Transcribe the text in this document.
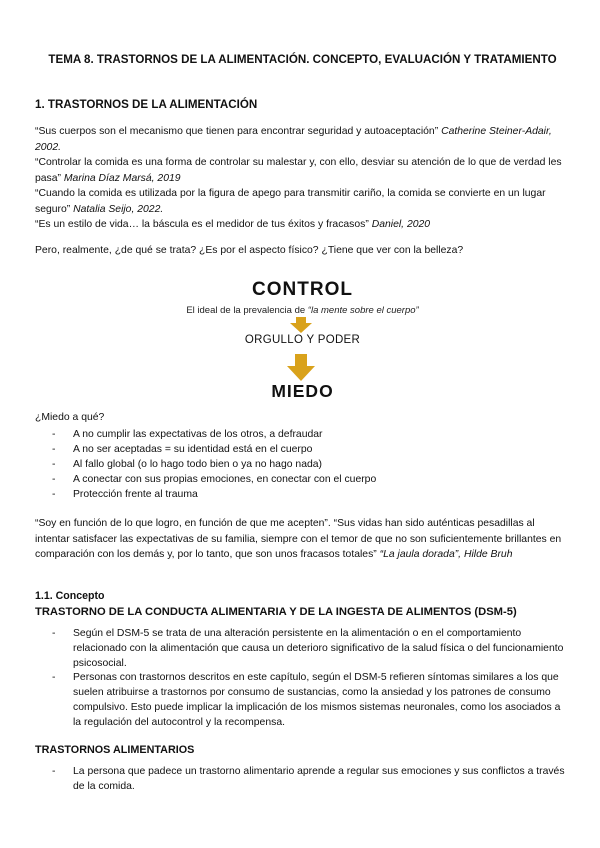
TEMA 8. TRASTORNOS DE LA ALIMENTACIÓN. CONCEPTO, EVALUACIÓN Y TRATAMIENTO
1. TRASTORNOS DE LA ALIMENTACIÓN
“Sus cuerpos son el mecanismo que tienen para encontrar seguridad y autoaceptación” Catherine Steiner-Adair, 2002.
“Controlar la comida es una forma de controlar su malestar y, con ello, desviar su atención de lo que de verdad les pasa” Marina Díaz Marsá, 2019
“Cuando la comida es utilizada por la figura de apego para transmitir cariño, la comida se convierte en un lugar seguro” Natalia Seijo, 2022.
“Es un estilo de vida… la báscula es el medidor de tus éxitos y fracasos” Daniel, 2020
Pero, realmente, ¿de qué se trata? ¿Es por el aspecto físico? ¿Tiene que ver con la belleza?
CONTROL
El ideal de la prevalencia de “la mente sobre el cuerpo”
ORGULLO Y PODER
MIEDO
¿Miedo a qué?
- A no cumplir las expectativas de los otros, a defraudar
- A no ser aceptadas = su identidad está en el cuerpo
- Al fallo global (o lo hago todo bien o ya no hago nada)
- A conectar con sus propias emociones, en conectar con el cuerpo
- Protección frente al trauma
“Soy en función de lo que logro, en función de que me acepten”. “Sus vidas han sido auténticas pesadillas al intentar satisfacer las expectativas de su familia, siempre con el temor de que no son suficientemente brillantes en comparación con los demás y, por lo tanto, que son unos fracasos totales” “La jaula dorada”, Hilde Bruh
1.1. Concepto
TRASTORNO DE LA CONDUCTA ALIMENTARIA Y DE LA INGESTA DE ALIMENTOS (DSM-5)
- Según el DSM-5 se trata de una alteración persistente en la alimentación o en el comportamiento relacionado con la alimentación que causa un deterioro significativo de la salud física o del funcionamiento psicosocial.
- Personas con trastornos descritos en este capítulo, según el DSM-5 refieren síntomas similares a los que suelen atribuirse a trastornos por consumo de sustancias, como la ansiedad y los patrones de consumo compulsivo. Esto puede implicar la implicación de los mismos sistemas neuronales, como los asociados a la regulación del autocontrol y la recompensa.
TRASTORNOS ALIMENTARIOS
- La persona que padece un trastorno alimentario aprende a regular sus emociones y sus conflictos a través de la comida.
